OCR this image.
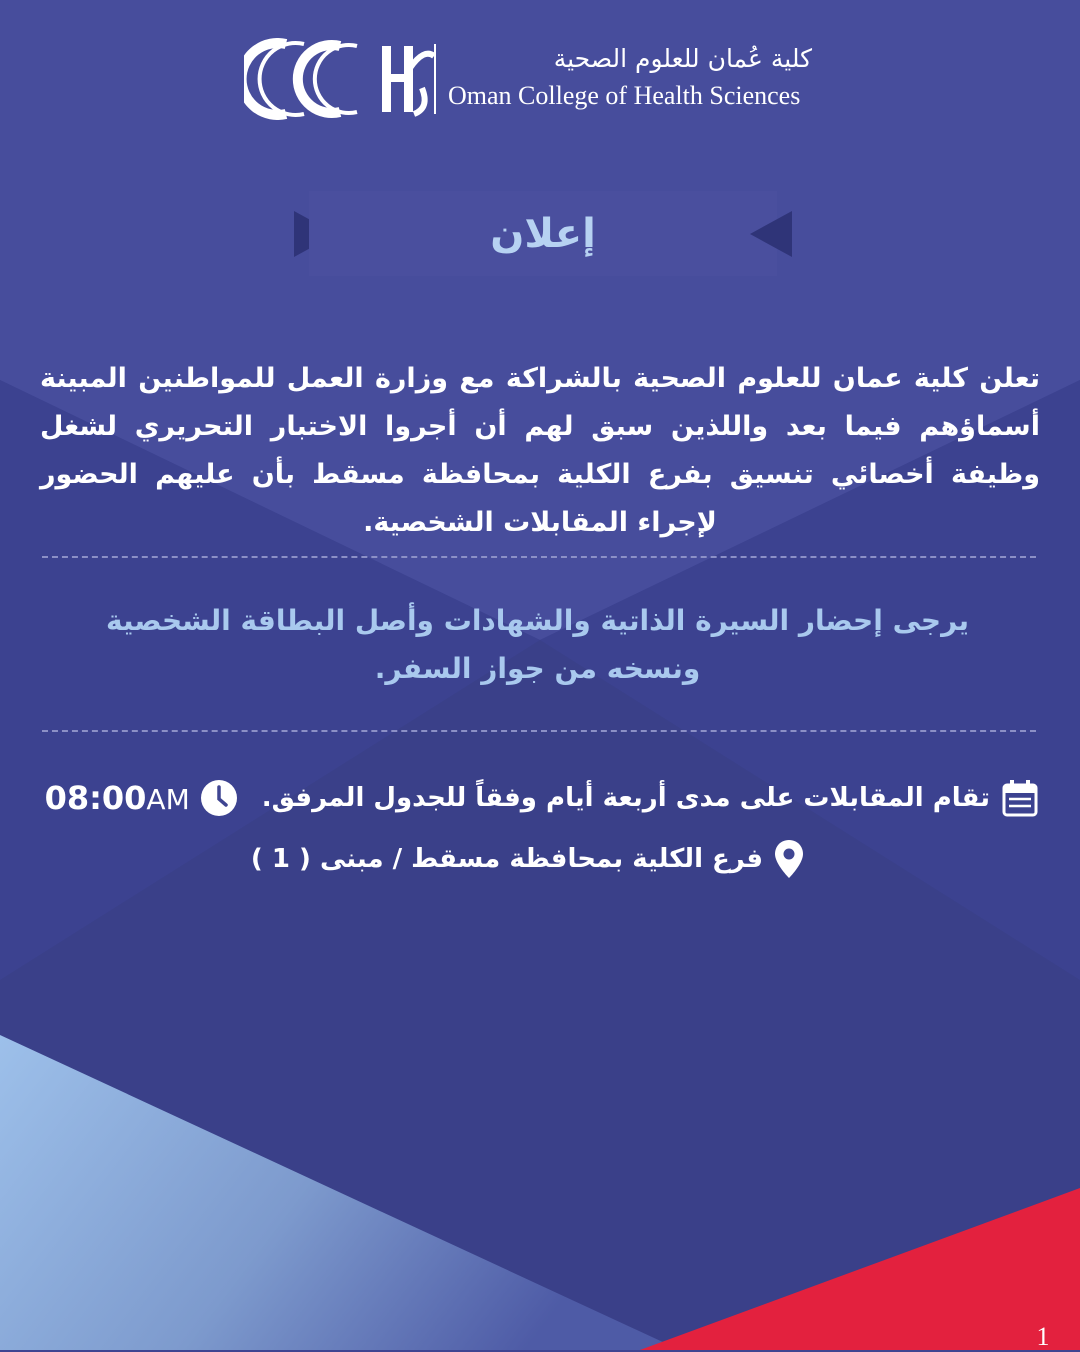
كلية عُمان للعلوم الصحية
Oman College of Health Sciences
إعلان
تعلن كلية عمان للعلوم الصحية بالشراكة مع وزارة العمل للمواطنين المبينة أسماؤهم فيما بعد واللذين سبق لهم أن أجروا الاختبار التحريري لشغل وظيفة أخصائي تنسيق بفرع الكلية بمحافظة مسقط بأن عليهم الحضور لإجراء المقابلات الشخصية.
يرجى إحضار السيرة الذاتية والشهادات وأصل البطاقة الشخصية ونسخه من جواز السفر.
تقام المقابلات على مدى أربعة أيام وفقاً للجدول المرفق.
08:00AM
فرع الكلية بمحافظة مسقط / مبنى ( 1 )
1
